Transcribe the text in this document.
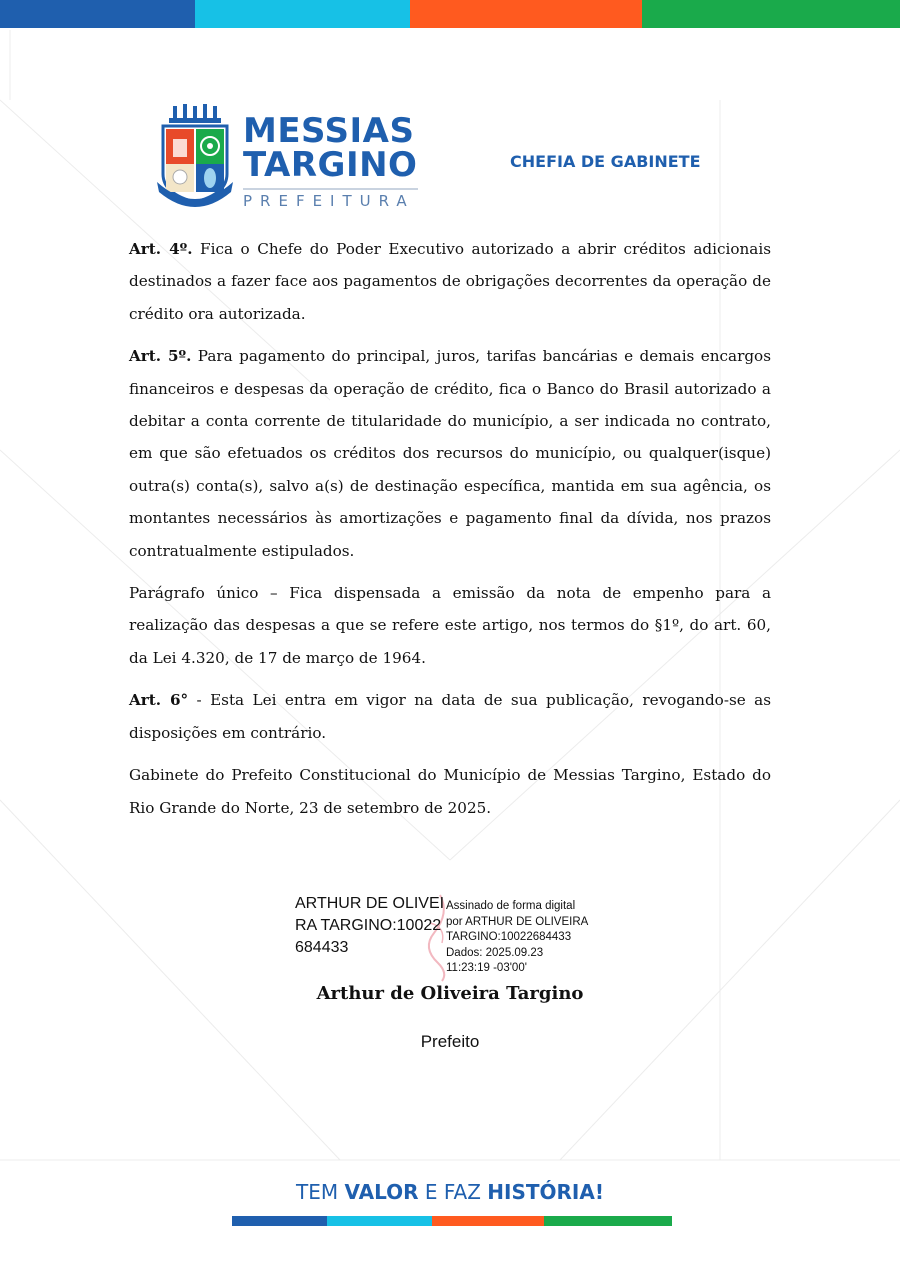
MESSIAS
TARGINO
PREFEITURA
CHEFIA DE GABINETE

Art. 4º. Fica o Chefe do Poder Executivo autorizado a abrir créditos adicionais destinados a fazer face aos pagamentos de obrigações decorrentes da operação de crédito ora autorizada.

Art. 5º. Para pagamento do principal, juros, tarifas bancárias e demais encargos financeiros e despesas da operação de crédito, fica o Banco do Brasil autorizado a debitar a conta corrente de titularidade do município, a ser indicada no contrato, em que são efetuados os créditos dos recursos do município, ou qualquer(isque) outra(s) conta(s), salvo a(s) de destinação específica, mantida em sua agência, os montantes necessários às amortizações e pagamento final da dívida, nos prazos contratualmente estipulados.

Parágrafo único – Fica dispensada a emissão da nota de empenho para a realização das despesas a que se refere este artigo, nos termos do §1º, do art. 60, da Lei 4.320, de 17 de março de 1964.

Art. 6° - Esta Lei entra em vigor na data de sua publicação, revogando-se as disposições em contrário.

Gabinete do Prefeito Constitucional do Município de Messias Targino, Estado do Rio Grande do Norte, 23 de setembro de 2025.

ARTHUR DE OLIVEIRA TARGINO:10022684433
Assinado de forma digital
por ARTHUR DE OLIVEIRA
TARGINO:10022684433
Dados: 2025.09.23
11:23:19 -03'00'
Arthur de Oliveira Targino
Prefeito
TEM VALOR E FAZ HISTÓRIA!
